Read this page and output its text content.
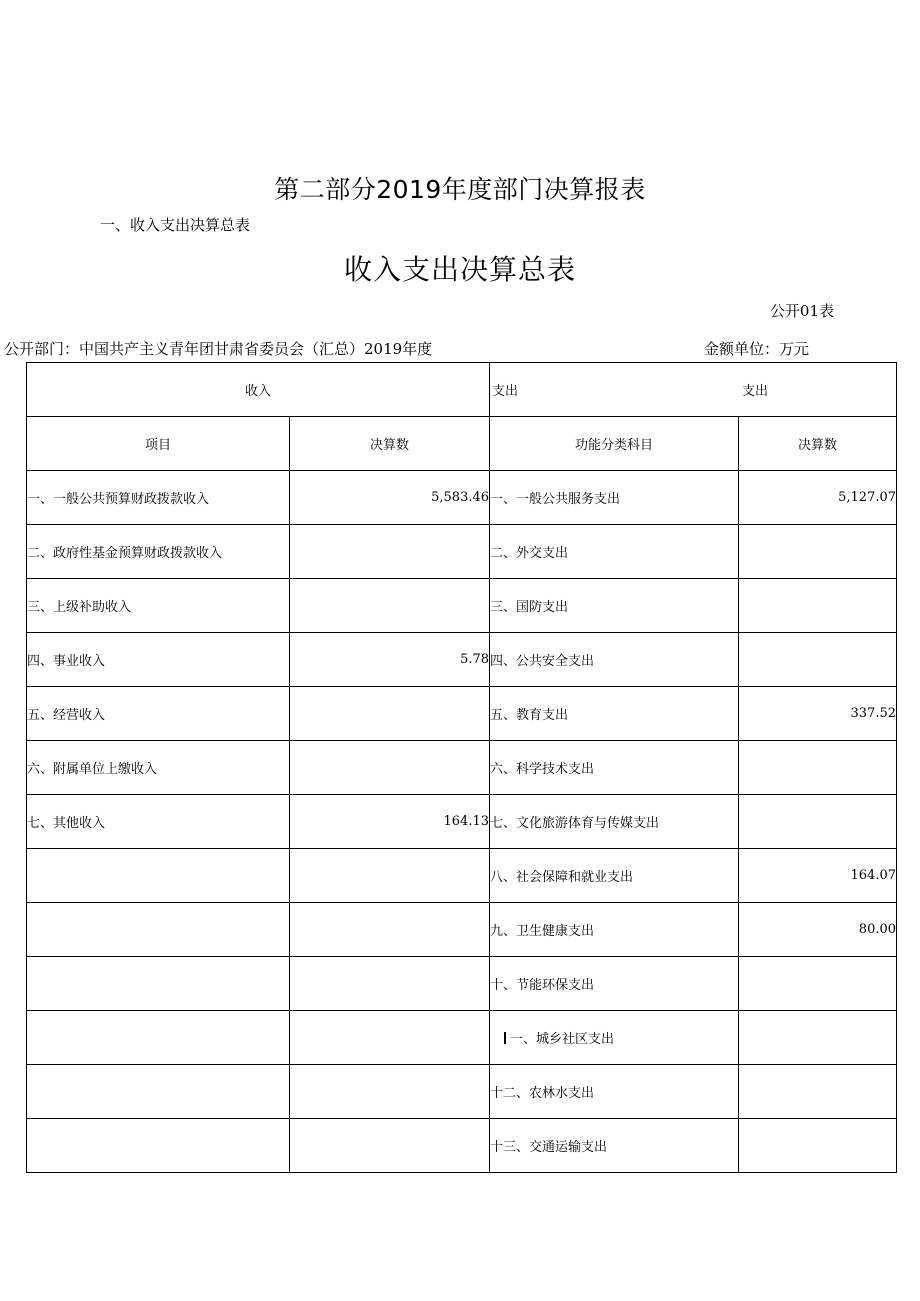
第二部分2019年度部门决算报表
一、收入支出决算总表
收入支出决算总表
公开01表
公开部门：中国共产主义青年团甘肃省委员会（汇总）2019年度	金额单位：万元
收入		支出 支出	

项目	决算数	功能分类科目	决算数
一、一般公共预算财政拨款收入	5,583.46	一、一般公共服务支出	5,127.07
二、政府性基金预算财政拨款收入		二、外交支出	
三、上级补助收入		三、国防支出	
四、事业收入	5.78	四、公共安全支出	
五、经营收入		五、教育支出	337.52
六、附属单位上缴收入		六、科学技术支出	
七、其他收入	164.13	七、文化旅游体育与传媒支出	
		八、社会保障和就业支出	164.07
		九、卫生健康支出	80.00
		十、节能环保支出	
		一、城乡社区支出	
		十二、农林水支出	
		十三、交通运输支出	
